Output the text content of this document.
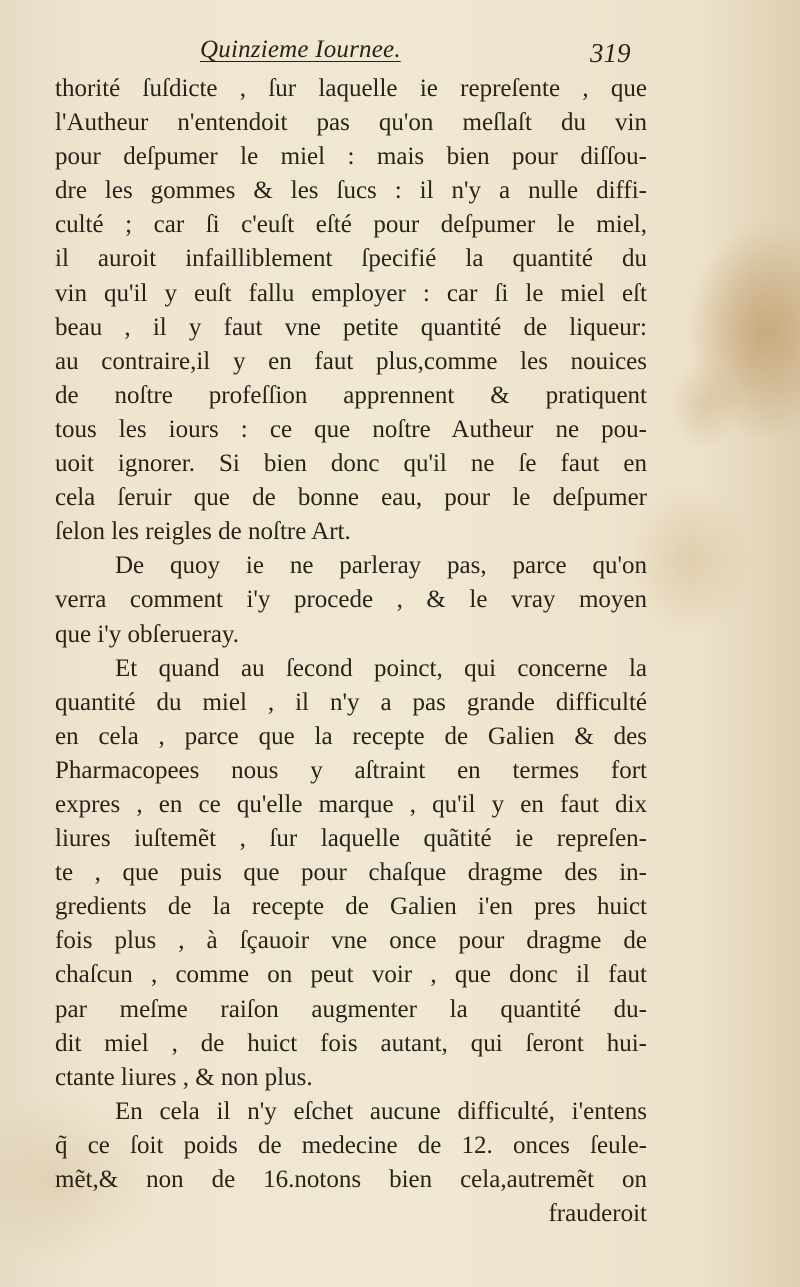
Quinzieme Iournee.	319
thorité ſuſdicte , ſur laquelle ie repreſente , que
l'Autheur n'entendoit pas qu'on meſlaſt du vin
pour deſpumer le miel : mais bien pour diſſou-
dre les gommes & les ſucs : il n'y a nulle diffi-
culté ; car ſi c'euſt eſté pour deſpumer le miel,
il auroit infailliblement ſpecifié la quantité du
vin qu'il y euſt fallu employer : car ſi le miel eſt
beau , il y faut vne petite quantité de liqueur:
au contraire,il y en faut plus,comme les nouices
de noſtre profeſſion apprennent & pratiquent
tous les iours : ce que noſtre Autheur ne pou-
uoit ignorer. Si bien donc qu'il ne ſe faut en
cela ſeruir que de bonne eau, pour le deſpumer
ſelon les reigles de noſtre Art.
De quoy ie ne parleray pas, parce qu'on
verra comment i'y procede , & le vray moyen
que i'y obſerueray.
Et quand au ſecond poinct, qui concerne la
quantité du miel , il n'y a pas grande difficulté
en cela , parce que la recepte de Galien & des
Pharmacopees nous y aſtraint en termes fort
expres , en ce qu'elle marque , qu'il y en faut dix
liures iuſtemẽt , ſur laquelle quãtité ie repreſen-
te , que puis que pour chaſque dragme des in-
gredients de la recepte de Galien i'en pres huict
fois plus , à ſçauoir vne once pour dragme de
chaſcun , comme on peut voir , que donc il faut
par meſme raiſon augmenter la quantité du-
dit miel , de huict fois autant, qui ſeront hui-
ctante liures , & non plus.
En cela il n'y eſchet aucune difficulté, i'entens
q̃ ce ſoit poids de medecine de 12. onces ſeule-
mẽt,& non de 16.notons bien cela,autremẽt on
frauderoit
